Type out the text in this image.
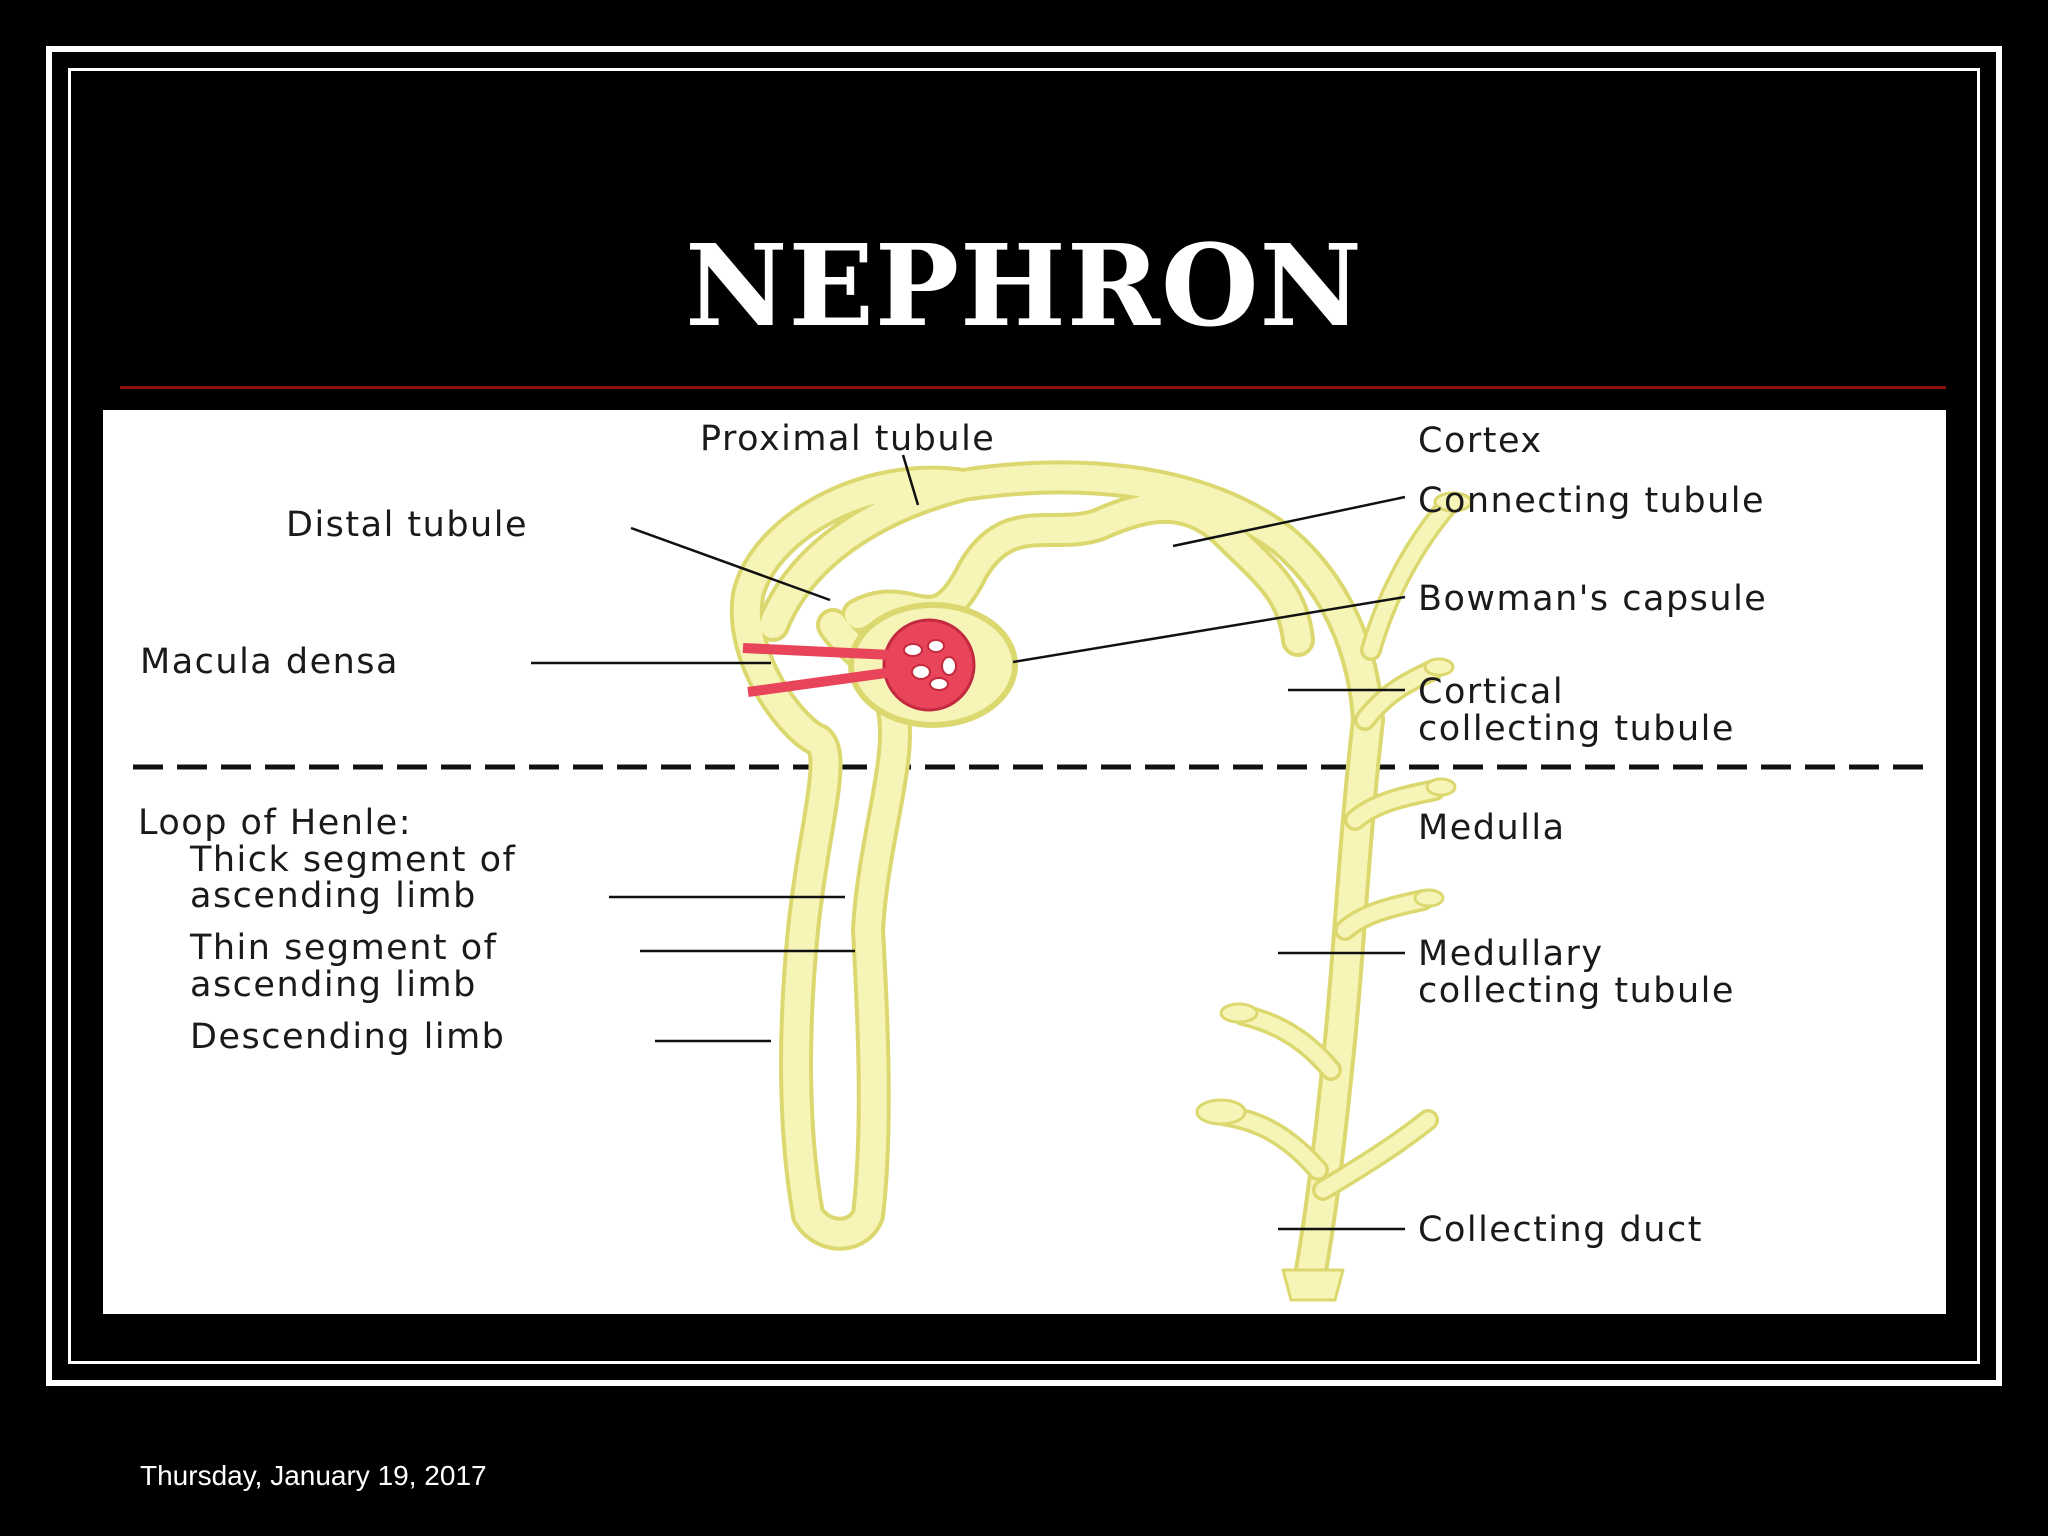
NEPHRON
Proximal tubule
Distal tubule
Macula densa
Cortex
Connecting tubule
Bowman's capsule
Cortical
collecting tubule
Loop of Henle:
Thick segment of
ascending limb
Thin segment of
ascending limb
Descending limb
Medulla
Medullary
collecting tubule
Collecting duct
Thursday, January 19, 2017
